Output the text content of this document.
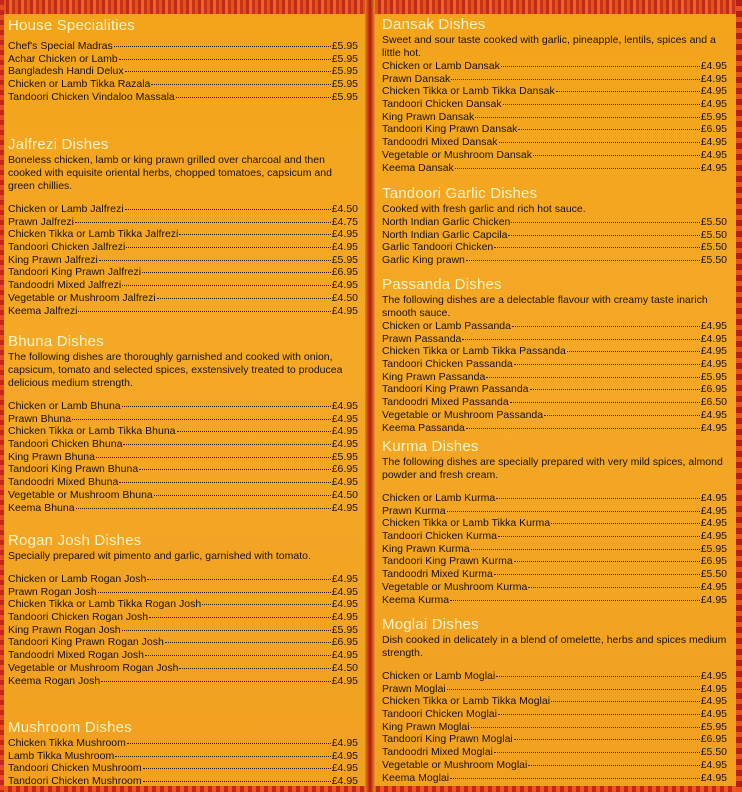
House Specialities
Chef's Special Madras	£5.95
Achar Chicken or Lamb	£5.95
Bangladesh Handi Delux	£5.95
Chicken or Lamb Tikka Razala	£5.95
Tandoori Chicken Vindaloo Massala	£5.95
Jalfrezi Dishes
Boneless chicken, lamb or king prawn grilled over charcoal and then cooked with equisite oriental herbs, chopped tomatoes, capsicum and green chillies.
Chicken or Lamb Jalfrezi	£4.50
Prawn Jalfrezi	£4.75
Chicken Tikka or Lamb Tikka Jalfrezi	£4.95
Tandoori Chicken Jalfrezi	£4.95
King Prawn Jalfrezi	£5.95
Tandoori King Prawn Jalfrezi	£6.95
Tandoodri Mixed Jalfrezi	£4.95
Vegetable or Mushroom Jalfrezi	£4.50
Keema Jalfrezi	£4.95
Bhuna Dishes
The following dishes are thoroughly garnished and cooked with onion, capsicum, tomato and selected spices, exstensively treated to producea delicious medium strength.
Chicken or Lamb Bhuna	£4.95
Prawn Bhuna	£4.95
Chicken Tikka or Lamb Tikka Bhuna	£4.95
Tandoori Chicken Bhuna	£4.95
King Prawn Bhuna	£5.95
Tandoori King Prawn Bhuna	£6.95
Tandoodri Mixed Bhuna	£4.95
Vegetable or Mushroom Bhuna	£4.50
Keema Bhuna	£4.95
Rogan Josh Dishes
Specially prepared wit pimento and garlic, garnished with tomato.
Chicken or Lamb Rogan Josh	£4.95
Prawn Rogan Josh	£4.95
Chicken Tikka or Lamb Tikka Rogan Josh	£4.95
Tandoori Chicken Rogan Josh	£4.95
King Prawn Rogan Josh	£5.95
Tandoori King Prawn Rogan Josh	£6.95
Tandoodri Mixed Rogan Josh	£4.95
Vegetable or Mushroom Rogan Josh	£4.50
Keema Rogan Josh	£4.95
Mushroom Dishes
Chicken Tikka Mushroom	£4.95
Lamb Tikka Mushroom	£4.95
Tandoori Chicken Mushroom	£4.95
Tandoori Chicken Mushroom	£4.95
Dansak Dishes
Sweet and sour taste cooked with garlic, pineapple, lentils, spices and a little hot.
Chicken or Lamb Dansak	£4.95
Prawn Dansak	£4.95
Chicken Tikka or Lamb Tikka Dansak	£4.95
Tandoori Chicken Dansak	£4.95
King Prawn Dansak	£5.95
Tandoori King Prawn Dansak	£6.95
Tandoodri Mixed Dansak	£4.95
Vegetable or Mushroom Dansak	£4.95
Keema Dansak	£4.95
Tandoori Garlic Dishes
Cooked with fresh garlic and rich hot sauce.
North Indian Garlic Chicken	£5.50
North Indian Garlic Capcila	£5.50
Garlic Tandoori Chicken	£5.50
Garlic King prawn	£5.50
Passanda Dishes
The following dishes are a delectable flavour with creamy taste inarich smooth sauce.
Chicken or Lamb Passanda	£4.95
Prawn Passanda	£4.95
Chicken Tikka or Lamb Tikka Passanda	£4.95
Tandoori Chicken Passanda	£4.95
King Prawn Passanda	£5.95
Tandoori King Prawn Passanda	£6.95
Tandoodri Mixed Passanda	£6.50
Vegetable or Mushroom Passanda	£4.95
Keema Passanda	£4.95
Kurma Dishes
The following dishes are specially prepared with very mild spices, almond powder and fresh cream.
Chicken or Lamb Kurma	£4.95
Prawn Kurma	£4.95
Chicken Tikka or Lamb Tikka Kurma	£4.95
Tandoori Chicken Kurma	£4.95
King Prawn Kurma	£5.95
Tandoori King Prawn Kurma	£6.95
Tandoodri Mixed Kurma	£5.50
Vegetable or Mushroom Kurma	£4.95
Keema Kurma	£4.95
Moglai Dishes
Dish cooked in delicately in a blend of omelette, herbs and spices medium strength.
Chicken or Lamb Moglai	£4.95
Prawn Moglai	£4.95
Chicken Tikka or Lamb Tikka Moglai	£4.95
Tandoori Chicken Moglai	£4.95
King Prawn Moglai	£5.95
Tandoori King Prawn Moglai	£6.95
Tandoodri Mixed Moglai	£5.50
Vegetable or Mushroom Moglai	£4.95
Keema Moglai	£4.95
